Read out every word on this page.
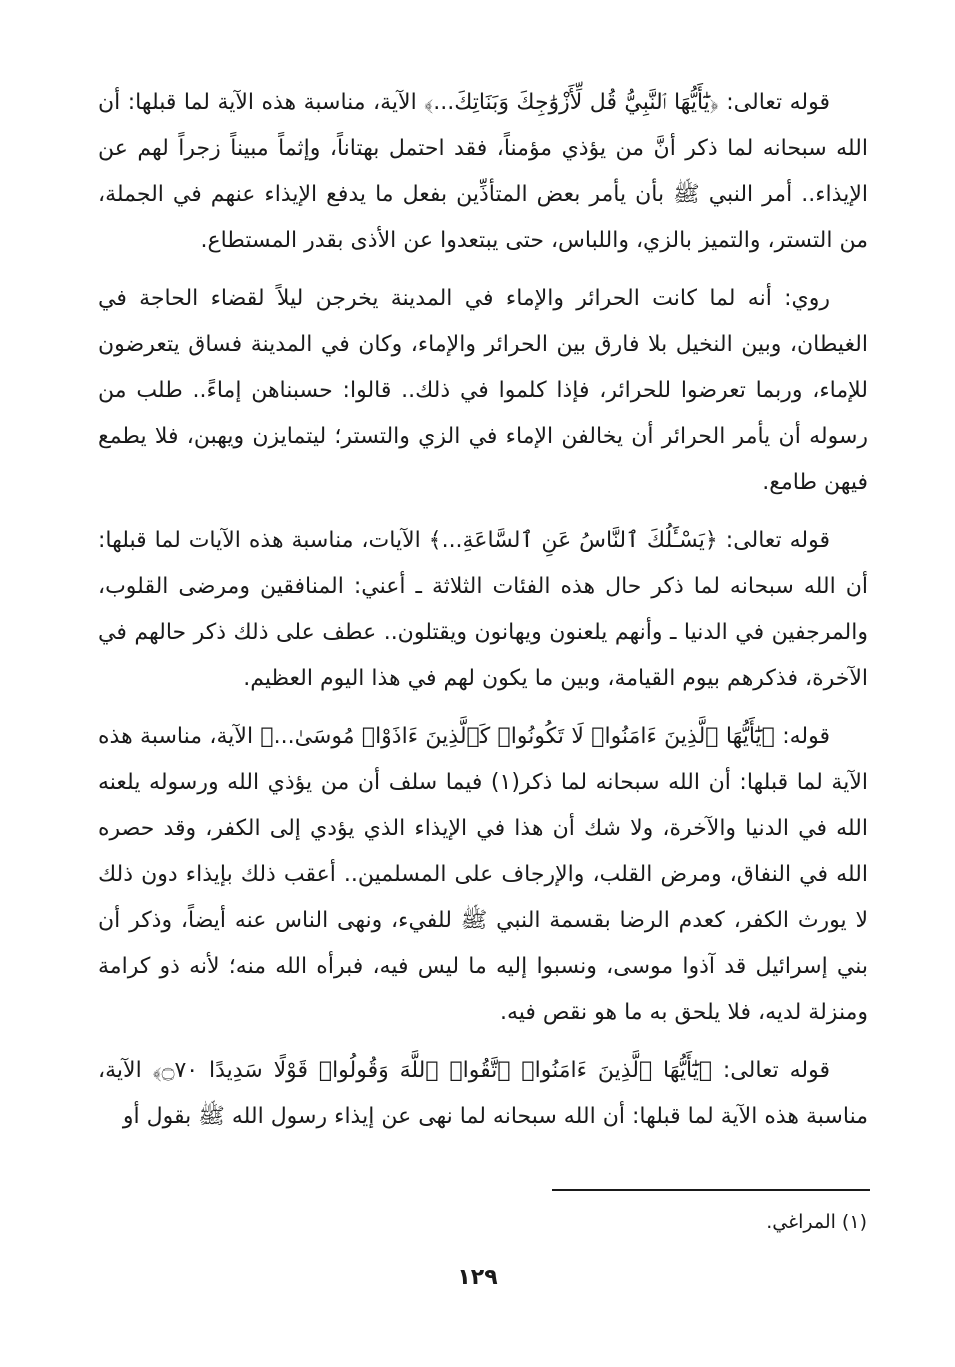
قوله تعالى: ﴿يَٰٓأَيُّهَا ٱلنَّبِيُّ قُل لِّأَزْوَٰجِكَ وَبَنَاتِكَ...﴾ الآية، مناسبة هذه الآية لما قبلها: أن الله سبحانه لما ذكر أنَّ من يؤذي مؤمناً، فقد احتمل بهتاناً، وإثماً مبيناً زجراً لهم عن الإيذاء.. أمر النبي ﷺ بأن يأمر بعض المتأذِّين بفعل ما يدفع الإيذاء عنهم في الجملة، من التستر، والتميز بالزي، واللباس، حتى يبتعدوا عن الأذى بقدر المستطاع.

روي: أنه لما كانت الحرائر والإماء في المدينة يخرجن ليلاً لقضاء الحاجة في الغيطان، وبين النخيل بلا فارق بين الحرائر والإماء، وكان في المدينة فساق يتعرضون للإماء، وربما تعرضوا للحرائر، فإذا كلموا في ذلك.. قالوا: حسبناهن إماءً.. طلب من رسوله أن يأمر الحرائر أن يخالفن الإماء في الزي والتستر؛ ليتمايزن ويهبن، فلا يطمع فيهن طامع.

قوله تعالى: ﴿يَسْـَٔلُكَ ٱلنَّاسُ عَنِ ٱلسَّاعَةِ...﴾ الآيات، مناسبة هذه الآيات لما قبلها: أن الله سبحانه لما ذكر حال هذه الفئات الثلاثة ـ أعني: المنافقين ومرضى القلوب، والمرجفين في الدنيا ـ وأنهم يلعنون ويهانون ويقتلون.. عطف على ذلك ذكر حالهم في الآخرة، فذكرهم بيوم القيامة، وبين ما يكون لهم في هذا اليوم العظيم.

قوله: ﴿يَٰٓأَيُّهَا ٱلَّذِينَ ءَامَنُوا۟ لَا تَكُونُوا۟ كَٱلَّذِينَ ءَاذَوْا۟ مُوسَىٰ...﴾ الآية، مناسبة هذه الآية لما قبلها: أن الله سبحانه لما ذكر(١) فيما سلف أن من يؤذي الله ورسوله يلعنه الله في الدنيا والآخرة، ولا شك أن هذا في الإيذاء الذي يؤدي إلى الكفر، وقد حصره الله في النفاق، ومرض القلب، والإرجاف على المسلمين.. أعقب ذلك بإيذاء دون ذلك لا يورث الكفر، كعدم الرضا بقسمة النبي ﷺ للفيء، ونهى الناس عنه أيضاً، وذكر أن بني إسرائيل قد آذوا موسى، ونسبوا إليه ما ليس فيه، فبرأه الله منه؛ لأنه ذو كرامة ومنزلة لديه، فلا يلحق به ما هو نقص فيه.

قوله تعالى: ﴿يَٰٓأَيُّهَا ٱلَّذِينَ ءَامَنُوا۟ ٱتَّقُوا۟ ٱللَّهَ وَقُولُوا۟ قَوْلًا سَدِيدًا ۝٧٠﴾ الآية، مناسبة هذه الآية لما قبلها: أن الله سبحانه لما نهى عن إيذاء رسول الله ﷺ بقول أو

(١) المراغي.
١٢٩
